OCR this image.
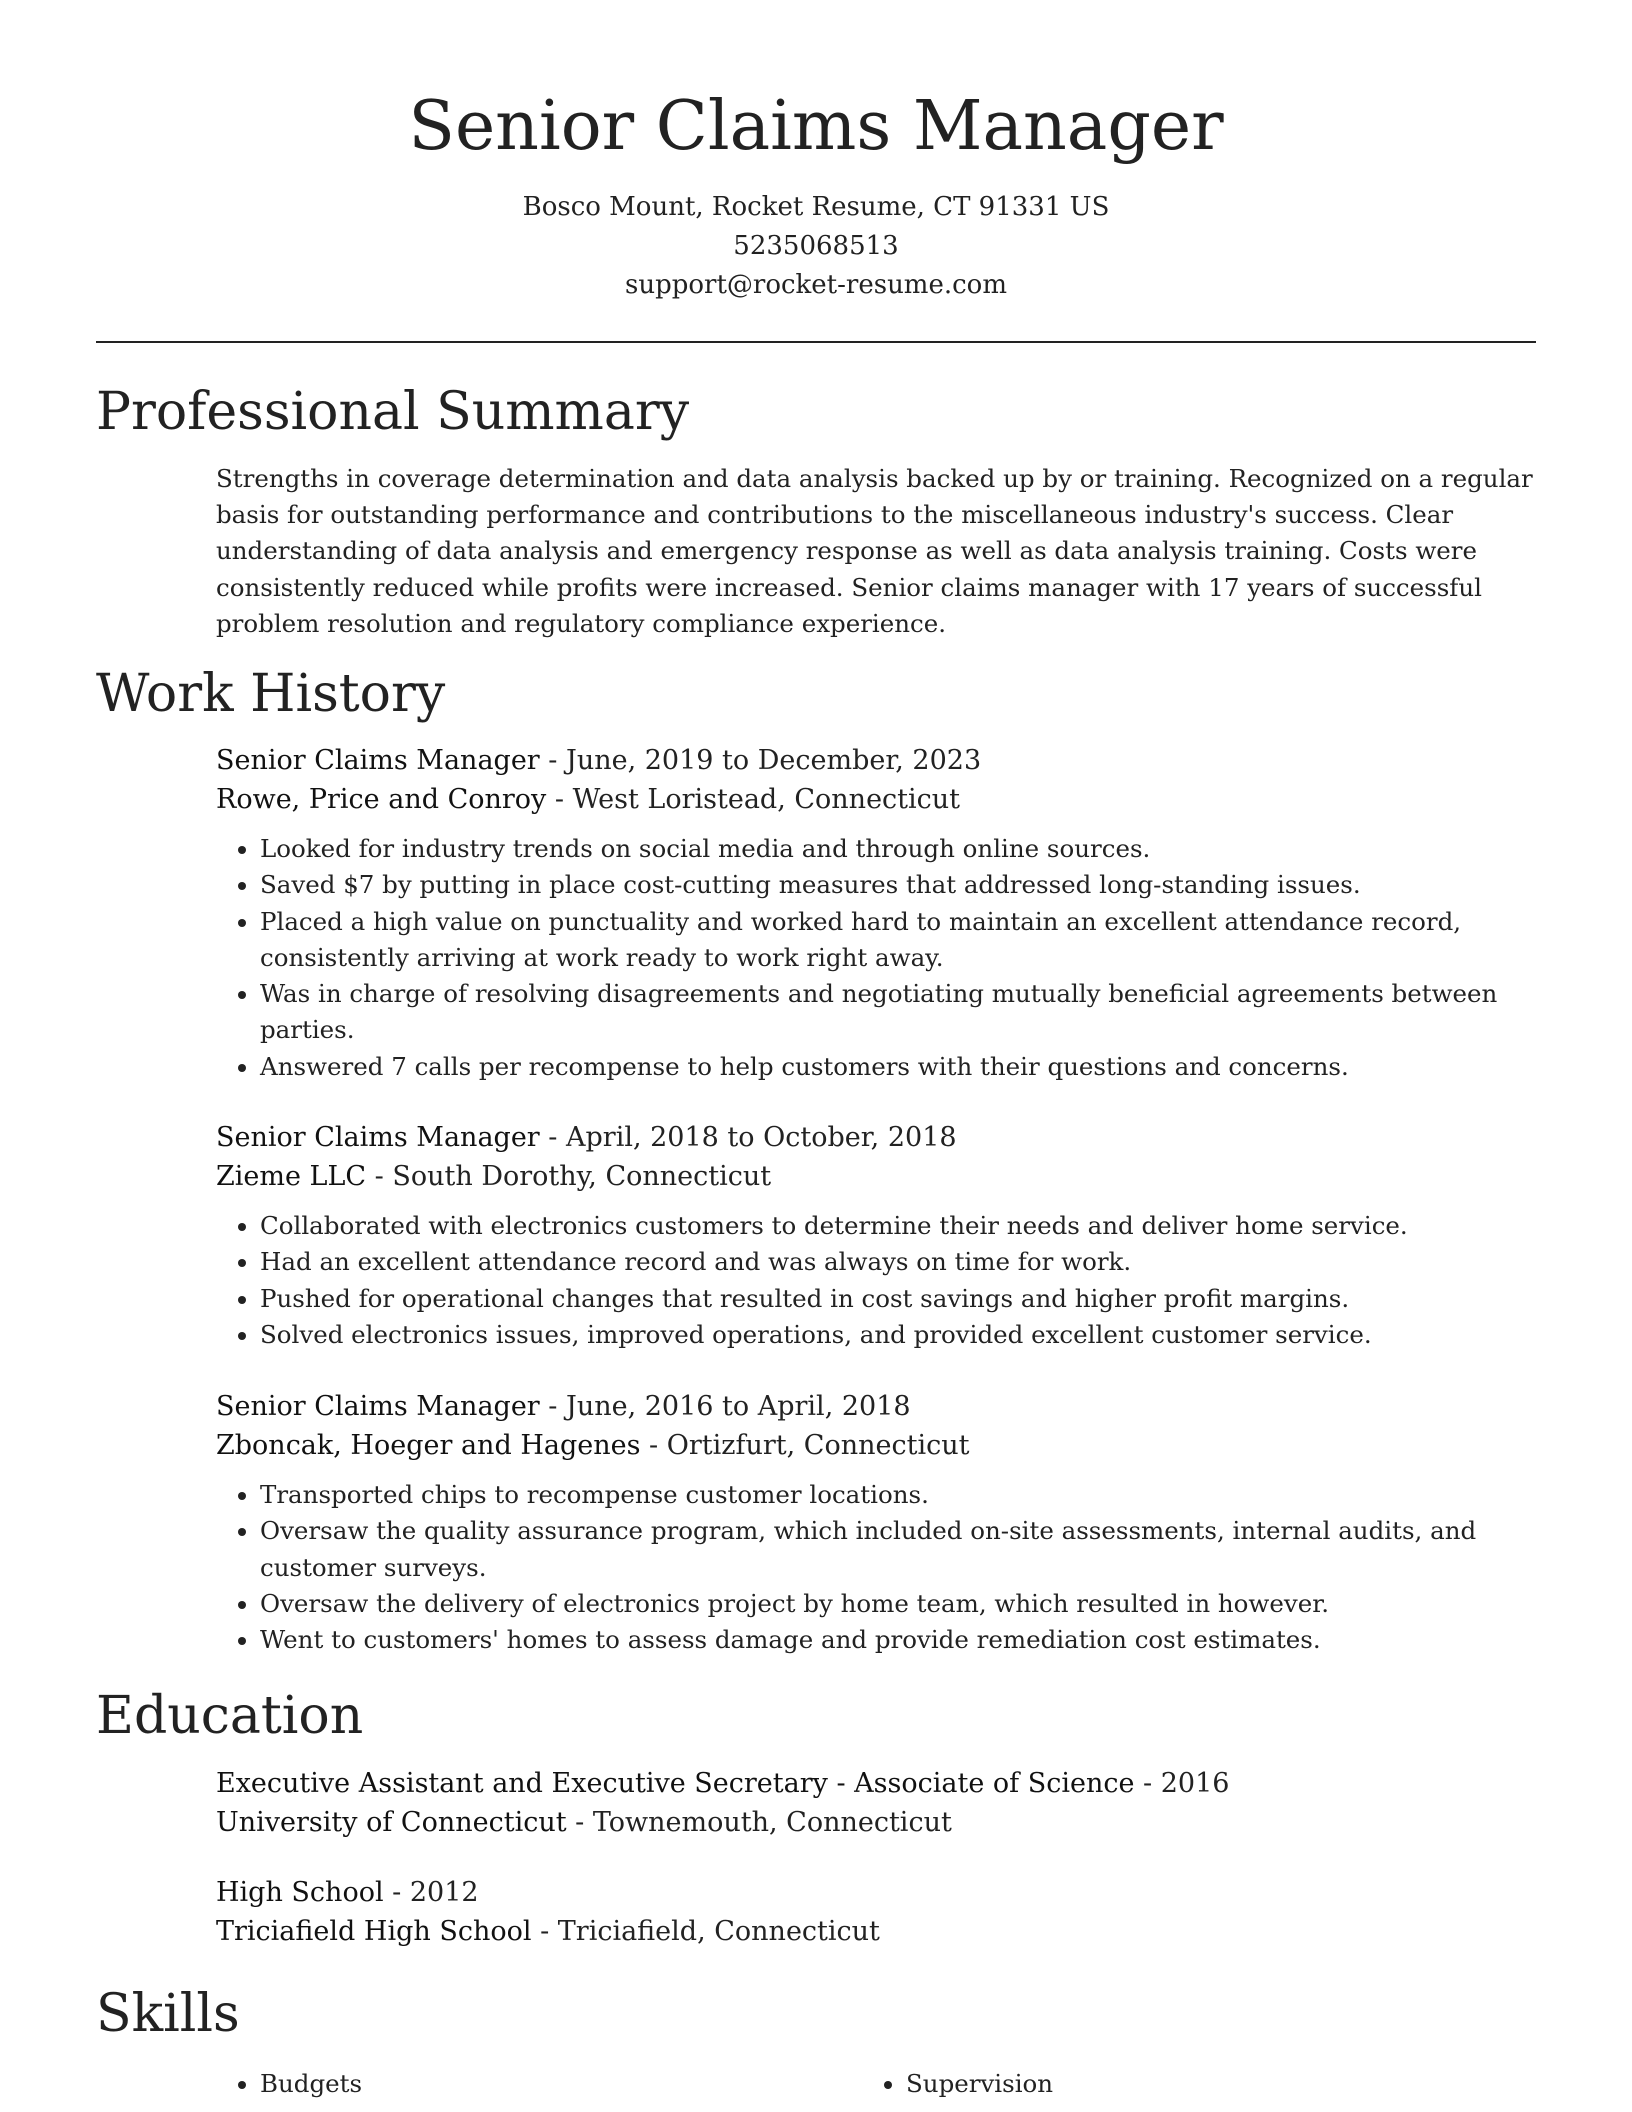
Senior Claims Manager
Bosco Mount, Rocket Resume, CT 91331 US
5235068513
support@rocket-resume.com
Professional Summary

Strengths in coverage determination and data analysis backed up by or training. Recognized on a regular basis for outstanding performance and contributions to the miscellaneous industry's success. Clear understanding of data analysis and emergency response as well as data analysis training. Costs were consistently reduced while profits were increased. Senior claims manager with 17 years of successful problem resolution and regulatory compliance experience.

Work History

Senior Claims Manager - June, 2019 to December, 2023

Rowe, Price and Conroy - West Loristead, Connecticut

• Looked for industry trends on social media and through online sources.
• Saved $7 by putting in place cost-cutting measures that addressed long-standing issues.
• Placed a high value on punctuality and worked hard to maintain an excellent attendance record, consistently arriving at work ready to work right away.
• Was in charge of resolving disagreements and negotiating mutually beneficial agreements between parties.
• Answered 7 calls per recompense to help customers with their questions and concerns.

Senior Claims Manager - April, 2018 to October, 2018

Zieme LLC - South Dorothy, Connecticut

• Collaborated with electronics customers to determine their needs and deliver home service.
• Had an excellent attendance record and was always on time for work.
• Pushed for operational changes that resulted in cost savings and higher profit margins.
• Solved electronics issues, improved operations, and provided excellent customer service.

Senior Claims Manager - June, 2016 to April, 2018

Zboncak, Hoeger and Hagenes - Ortizfurt, Connecticut

• Transported chips to recompense customer locations.
• Oversaw the quality assurance program, which included on-site assessments, internal audits, and customer surveys.
• Oversaw the delivery of electronics project by home team, which resulted in however.
• Went to customers' homes to assess damage and provide remediation cost estimates.
Education

Executive Assistant and Executive Secretary - Associate of Science - 2016

University of Connecticut - Townemouth, Connecticut

High School - 2012

Triciafield High School - Triciafield, Connecticut

Skills
• Budgets
•	Supervision
